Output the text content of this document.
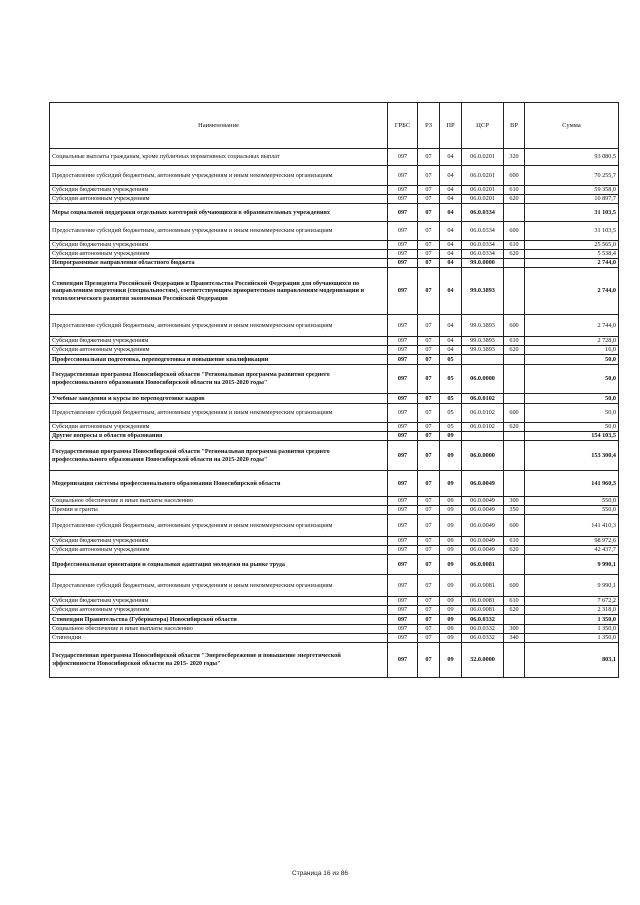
Наименование	ГРБС	РЗ	ПР	ЦСР	ВР	Сумма
Социальные выплаты гражданам, кроме публичных нормативных социальных выплат	097	07	04	06.0.0201	320	93 080,5
Предоставление субсидий бюджетным, автономным учреждениям и иным некоммерческим организациям	097	07	04	06.0.0201	600	70 255,7
Субсидии бюджетным учреждениям	097	07	04	06.0.0201	610	59 358,0
Субсидии автономным учреждениям	097	07	04	06.0.0201	620	10 897,7
Меры социальной поддержки отдельных категорий обучающихся в образовательных учреждениях	097	07	04	06.0.0334		31 103,5
Предоставление субсидий бюджетным, автономным учреждениям и иным некоммерческим организациям	097	07	04	06.0.0334	600	31 103,5
Субсидии бюджетным учреждениям	097	07	04	06.0.0334	610	25 565,0
Субсидии автономным учреждениям	097	07	04	06.0.0334	620	5 538,4
Непрограммные направления областного бюджета	097	07	04	99.0.0000		2 744,0
Стипендии Президента Российской Федерации и Правительства Российской Федерации для обучающихся по направлениям подготовки (специальностям), соответствующим приоритетным направлениям модернизации и технологического развития экономики Российской Федерации	097	07	04	99.0.3893		2 744,0
Предоставление субсидий бюджетным, автономным учреждениям и иным некоммерческим организациям	097	07	04	99.0.3893	600	2 744,0
Субсидии бюджетным учреждениям	097	07	04	99.0.3893	610	2 728,0
Субсидии автономным учреждениям	097	07	04	99.0.3893	620	16,0
Профессиональная подготовка, переподготовка и повышение квалификации	097	07	05			50,0
Государственная программа Новосибирской области "Региональная программа развития среднего профессионального образования Новосибирской области на 2015-2020 годы"	097	07	05	06.0.0000		50,0
Учебные заведения и курсы по переподготовке кадров	097	07	05	06.0.0102		50,0
Предоставление субсидий бюджетным, автономным учреждениям и иным некоммерческим организациям	097	07	05	06.0.0102	600	50,0
Субсидии автономным учреждениям	097	07	05	06.0.0102	620	50,0
Другие вопросы в области образования	097	07	09			154 103,5
Государственная программа Новосибирской области "Региональная программа развития среднего профессионального образования Новосибирской области на 2015-2020 годы"	097	07	09	06.0.0000		153 300,4
Модернизация системы профессионального образования Новосибирской области	097	07	09	06.0.0049		141 960,3
Социальное обеспечение и иные выплаты населению	097	07	09	06.0.0049	300	550,0
Премии и гранты	097	07	09	06.0.0049	350	550,0
Предоставление субсидий бюджетным, автономным учреждениям и иным некоммерческим организациям	097	07	09	06.0.0049	600	141 410,3
Субсидии бюджетным учреждениям	097	07	09	06.0.0049	610	98 972,6
Субсидии автономным учреждениям	097	07	09	06.0.0049	620	42 437,7
Профессиональная ориентация и социальная адаптация молодежи на рынке труда	097	07	09	06.0.0081		9 990,1
Предоставление субсидий бюджетным, автономным учреждениям и иным некоммерческим организациям	097	07	09	06.0.0081	600	9 990,1
Субсидии бюджетным учреждениям	097	07	09	06.0.0081	610	7 672,2
Субсидии автономным учреждениям	097	07	09	06.0.0081	620	2 318,0
Стипендии Правительства (Губернатора) Новосибирской области	097	07	09	06.0.0332		1 350,0
Социальное обеспечение и иные выплаты населению	097	07	09	06.0.0332	300	1 350,0
Стипендии	097	07	09	06.0.0332	340	1 350,0
Государственная программа Новосибирской области "Энергосбережение и повышение энергетической эффективности Новосибирской области на 2015- 2020 годы"	097	07	09	32.0.0000		803,1
Страница 16 из 86
